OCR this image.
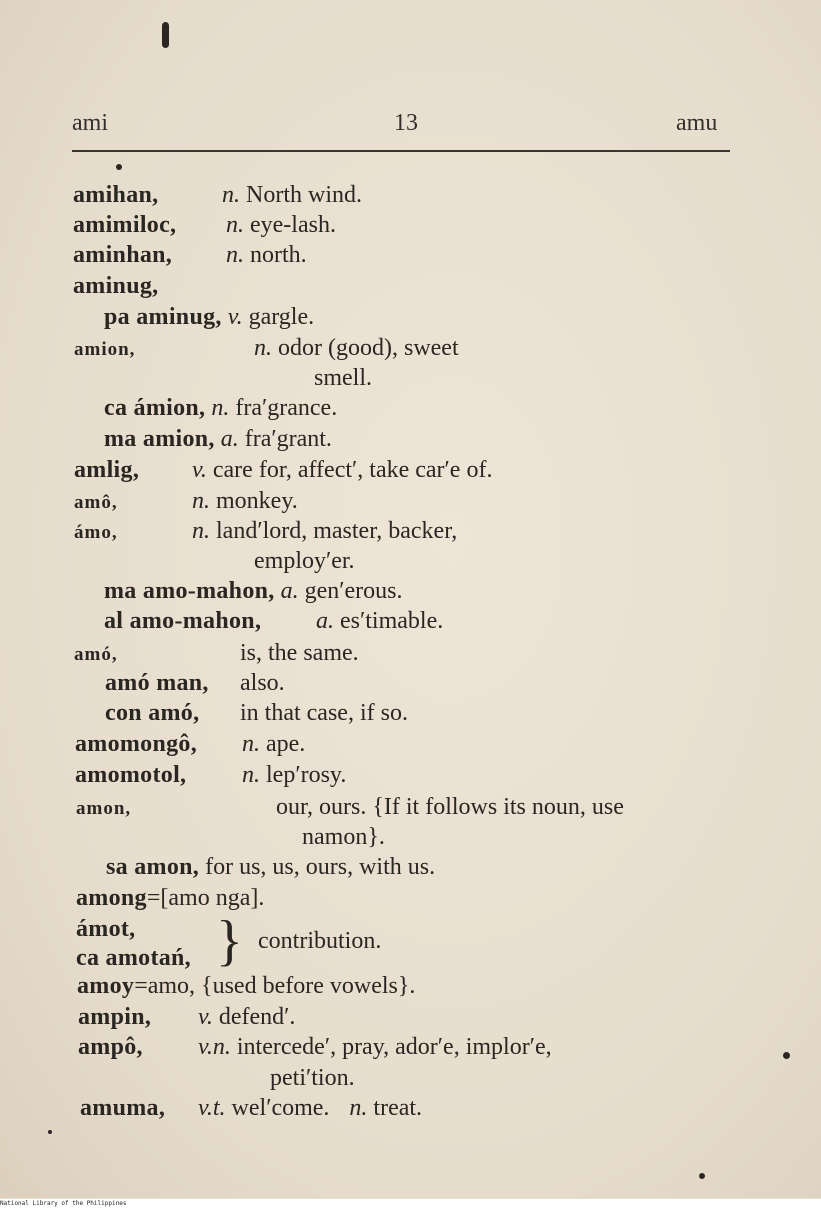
ami	13	amu
amihan,	n. North wind.
amimiloc, n. eye-lash.
aminhan, n. north.
aminug,
pa aminug, v. gargle.
amion,	n. odor (good), sweet
smell.
ca ámion, n. fra′grance.
ma amion, a. fra′grant.
amlig, v. care for, affect′, take car′e of.
amô,	n. monkey.
ámo,	n. land′lord, master, backer,
employ′er.
ma amo-mahon, a. gen′erous.
al amo-mahon, a. es′timable.
amó,	is, the same.
amó man, also.
con amó, in that case, if so.
amomongô, n. ape.
amomotol, n. lep′rosy.
amon,	our, ours. {If it follows its noun, use
namon}.
sa amon, for us, us, ours, with us.
among=[amo nga].
ámot,
ca amotań, } contribution.
amoy=amo, {used before vowels}.
ampin, v. defend′.
ampô, v.n. intercede′, pray, ador′e, implor′e,
peti′tion.
amuma, v.t. wel′come. n. treat.
National Library of the Philippines
